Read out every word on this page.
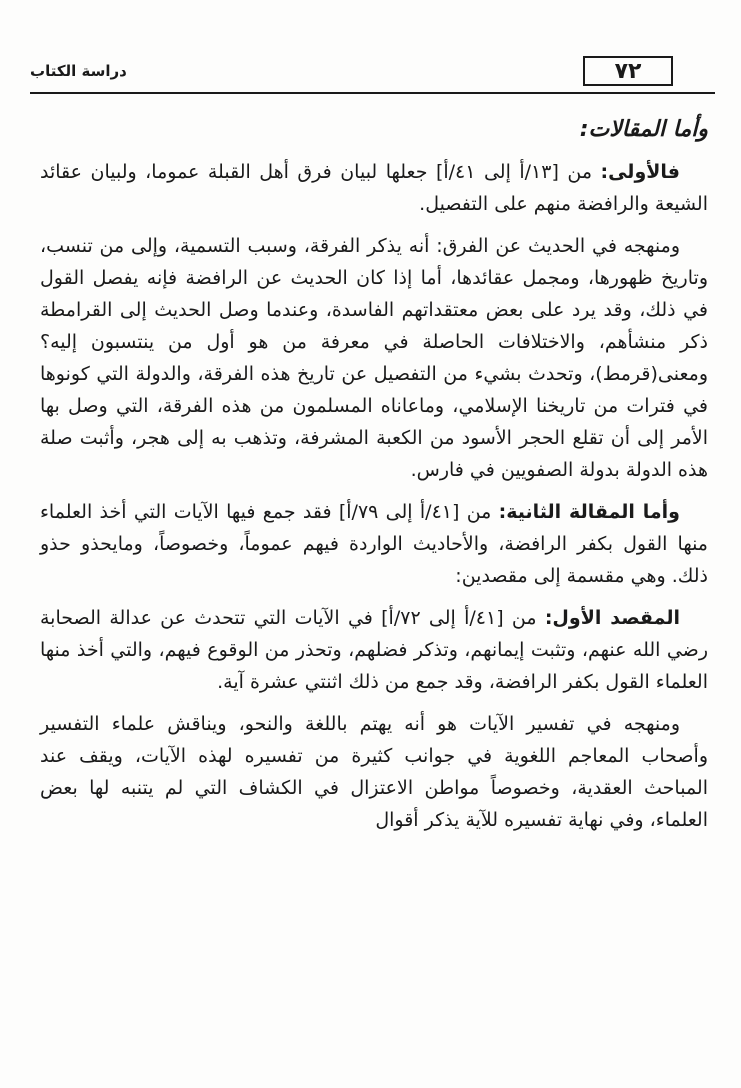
دراسة الكتاب	٧٢
وأما المقالات:

فالأولى: من [١٣/أ إلى ٤١/أ] جعلها لبيان فرق أهل القبلة عموما، ولبيان عقائد الشيعة والرافضة منهم على التفصيل.

ومنهجه في الحديث عن الفرق: أنه يذكر الفرقة، وسبب التسمية، وإلى من تنسب، وتاريخ ظهورها، ومجمل عقائدها، أما إذا كان الحديث عن الرافضة فإنه يفصل القول في ذلك، وقد يرد على بعض معتقداتهم الفاسدة، وعندما وصل الحديث إلى القرامطة ذكر منشأهم، والاختلافات الحاصلة في معرفة من هو أول من ينتسبون إليه؟ ومعنى(قرمط)، وتحدث بشيء من التفصيل عن تاريخ هذه الفرقة، والدولة التي كونوها في فترات من تاريخنا الإسلامي، وماعاناه المسلمون من هذه الفرقة، التي وصل بها الأمر إلى أن تقلع الحجر الأسود من الكعبة المشرفة، وتذهب به إلى هجر، وأثبت صلة هذه الدولة بدولة الصفويين في فارس.

وأما المقالة الثانية: من [٤١/أ إلى ٧٩/أ] فقد جمع فيها الآيات التي أخذ العلماء منها القول بكفر الرافضة، والأحاديث الواردة فيهم عموماً، وخصوصاً، ومايحذو حذو ذلك. وهي مقسمة إلى مقصدين:

المقصد الأول: من [٤١/أ إلى ٧٢/أ] في الآيات التي تتحدث عن عدالة الصحابة رضي الله عنهم، وتثبت إيمانهم، وتذكر فضلهم، وتحذر من الوقوع فيهم، والتي أخذ منها العلماء القول بكفر الرافضة، وقد جمع من ذلك اثنتي عشرة آية.

ومنهجه في تفسير الآيات هو أنه يهتم باللغة والنحو، ويناقش علماء التفسير وأصحاب المعاجم اللغوية في جوانب كثيرة من تفسيره لهذه الآيات، ويقف عند المباحث العقدية، وخصوصاً مواطن الاعتزال في الكشاف التي لم يتنبه لها بعض العلماء، وفي نهاية تفسيره للآية يذكر أقوال
